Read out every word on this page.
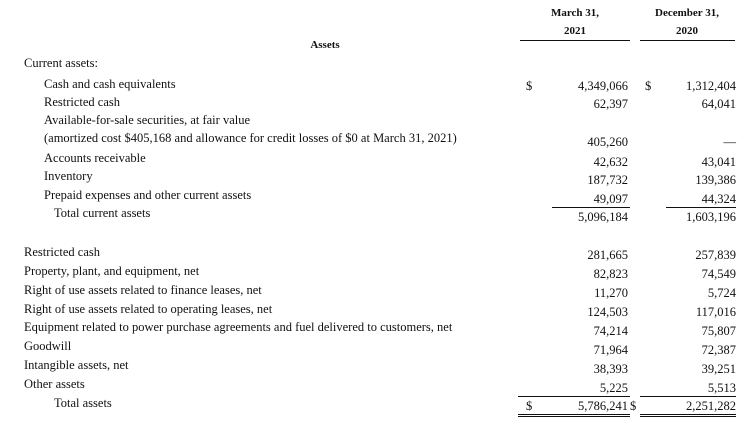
March 31,
2021
December 31,
2020
Assets
Current assets:
Cash and cash equivalents	$	4,349,066 $	1,312,404
Restricted cash	62,397	64,041
Available-for-sale securities, at fair value
(amortized cost $405,168 and allowance for credit losses of $0 at March 31, 2021)	405,260	—
Accounts receivable	42,632	43,041
Inventory	187,732	139,386
Prepaid expenses and other current assets	49,097	44,324
Total current assets	5,096,184	1,603,196
Restricted cash	281,665	257,839
Property, plant, and equipment, net	82,823	74,549
Right of use assets related to finance leases, net	11,270	5,724
Right of use assets related to operating leases, net	124,503	117,016
Equipment related to power purchase agreements and fuel delivered to customers, net	74,214	75,807
Goodwill	71,964	72,387
Intangible assets, net	38,393	39,251
Other assets	5,225	5,513
Total assets	$	5,786,241 $	2,251,282
